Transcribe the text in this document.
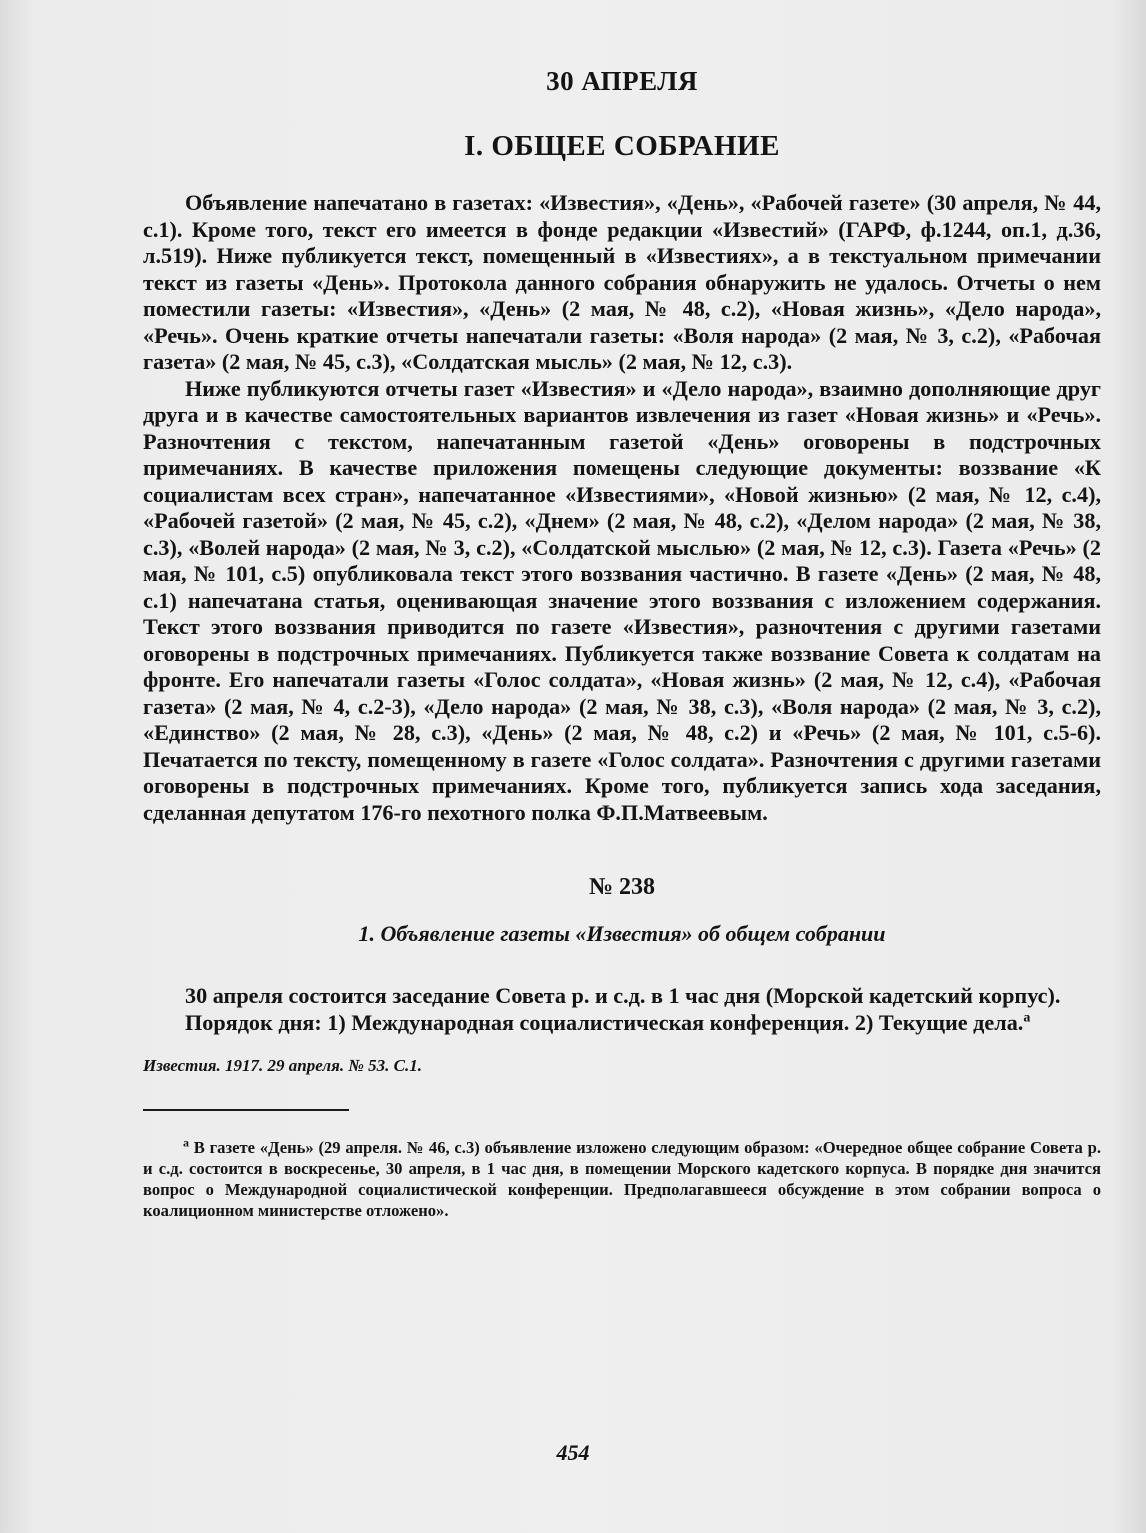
30 АПРЕЛЯ
I. ОБЩЕЕ СОБРАНИЕ

Объявление напечатано в газетах: «Известия», «День», «Рабочей газете» (30 апреля, № 44, с.1). Кроме того, текст его имеется в фонде редакции «Известий» (ГАРФ, ф.1244, оп.1, д.36, л.519). Ниже публикуется текст, помещенный в «Известиях», а в текстуальном примечании текст из газеты «День». Протокола данного собрания обнаружить не удалось. Отчеты о нем поместили газеты: «Известия», «День» (2 мая, № 48, с.2), «Новая жизнь», «Дело народа», «Речь». Очень краткие отчеты напечатали газеты: «Воля народа» (2 мая, № 3, с.2), «Рабочая газета» (2 мая, № 45, с.3), «Солдатская мысль» (2 мая, № 12, с.3).

Ниже публикуются отчеты газет «Известия» и «Дело народа», взаимно дополняющие друг друга и в качестве самостоятельных вариантов извлечения из газет «Новая жизнь» и «Речь». Разночтения с текстом, напечатанным газетой «День» оговорены в подстрочных примечаниях. В качестве приложения помещены следующие документы: воззвание «К социалистам всех стран», напечатанное «Известиями», «Новой жизнью» (2 мая, № 12, с.4), «Рабочей газетой» (2 мая, № 45, с.2), «Днем» (2 мая, № 48, с.2), «Делом народа» (2 мая, № 38, с.3), «Волей народа» (2 мая, № 3, с.2), «Солдатской мыслью» (2 мая, № 12, с.3). Газета «Речь» (2 мая, № 101, с.5) опубликовала текст этого воззвания частично. В газете «День» (2 мая, № 48, с.1) напечатана статья, оценивающая значение этого воззвания с изложением содержания. Текст этого воззвания приводится по газете «Известия», разночтения с другими газетами оговорены в подстрочных примечаниях. Публикуется также воззвание Совета к солдатам на фронте. Его напечатали газеты «Голос солдата», «Новая жизнь» (2 мая, № 12, с.4), «Рабочая газета» (2 мая, № 4, с.2-3), «Дело народа» (2 мая, № 38, с.3), «Воля народа» (2 мая, № 3, с.2), «Единство» (2 мая, № 28, с.3), «День» (2 мая, № 48, с.2) и «Речь» (2 мая, № 101, с.5-6). Печатается по тексту, помещенному в газете «Голос солдата». Разночтения с другими газетами оговорены в подстрочных примечаниях. Кроме того, публикуется запись хода заседания, сделанная депутатом 176-го пехотного полка Ф.П.Матвеевым.

№ 238
1. Объявление газеты «Известия» об общем собрании

30 апреля состоится заседание Совета р. и с.д. в 1 час дня (Морской кадетский корпус).

Порядок дня: 1) Международная социалистическая конференция. 2) Текущие дела.$^а$

Известия. 1917. 29 апреля. № 53. С.1.

$^а$ В газете «День» (29 апреля. № 46, с.3) объявление изложено следующим образом: «Очередное общее собрание Совета р. и с.д. состоится в воскресенье, 30 апреля, в 1 час дня, в помещении Морского кадетского корпуса. В порядке дня значится вопрос о Международной социалистической конференции. Предполагавшееся обсуждение в этом собрании вопроса о коалиционном министерстве отложено».

454
